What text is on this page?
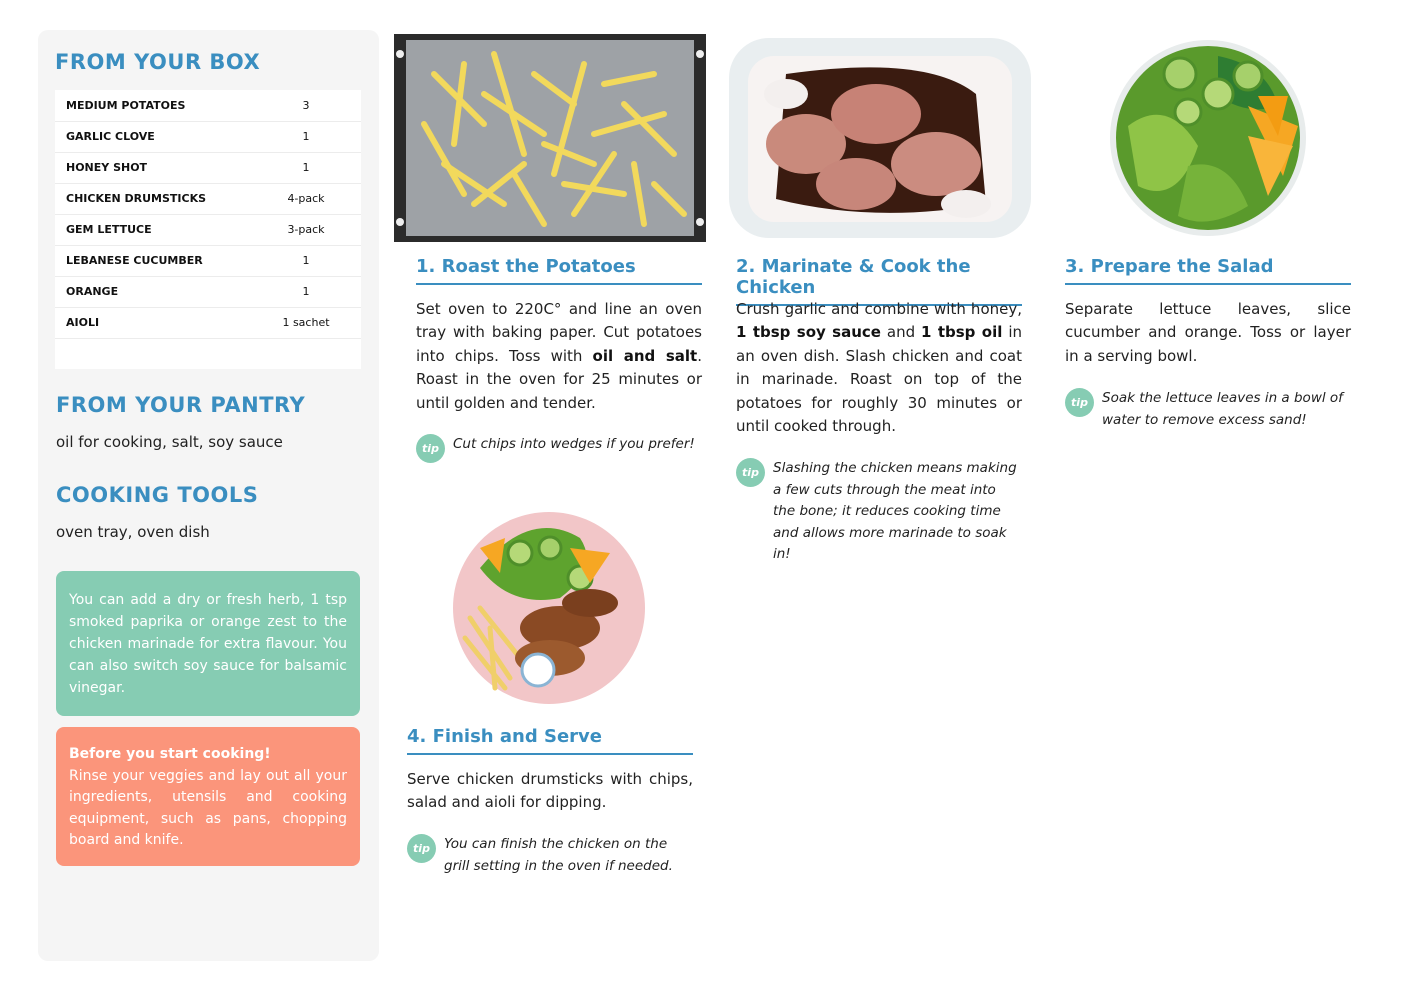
FROM YOUR BOX
MEDIUM POTATOES	3
GARLIC CLOVE	1
HONEY SHOT	1
CHICKEN DRUMSTICKS	4-pack
GEM LETTUCE	3-pack
LEBANESE CUCUMBER	1
ORANGE	1
AIOLI	1 sachet

FROM YOUR PANTRY
oil for cooking, salt, soy sauce
COOKING TOOLS
oven tray, oven dish
You can add a dry or fresh herb, 1 tsp smoked paprika or orange zest to the chicken marinade for extra flavour. You can also switch soy sauce for balsamic vinegar.
Before you start cooking!
Rinse your veggies and lay out all your ingredients, utensils and cooking equipment, such as pans, chopping board and knife.
1. Roast the Potatoes
Set oven to 220C° and line an oven tray with baking paper. Cut potatoes into chips. Toss with oil and salt. Roast in the oven for 25 minutes or until golden and tender.
tip	Cut chips into wedges if you prefer!
2. Marinate & Cook the Chicken
Crush garlic and combine with honey, 1 tbsp soy sauce and 1 tbsp oil in an oven dish. Slash chicken and coat in marinade. Roast on top of the potatoes for roughly 30 minutes or until cooked through.
tip	Slashing the chicken means making a few cuts through the meat into the bone; it reduces cooking time and allows more marinade to soak in!
3. Prepare the Salad
Separate lettuce leaves, slice cucumber and orange. Toss or layer in a serving bowl.
tip	Soak the lettuce leaves in a bowl of water to remove excess sand!
4. Finish and Serve
Serve chicken drumsticks with chips, salad and aioli for dipping.
tip	You can finish the chicken on the grill setting in the oven if needed.
